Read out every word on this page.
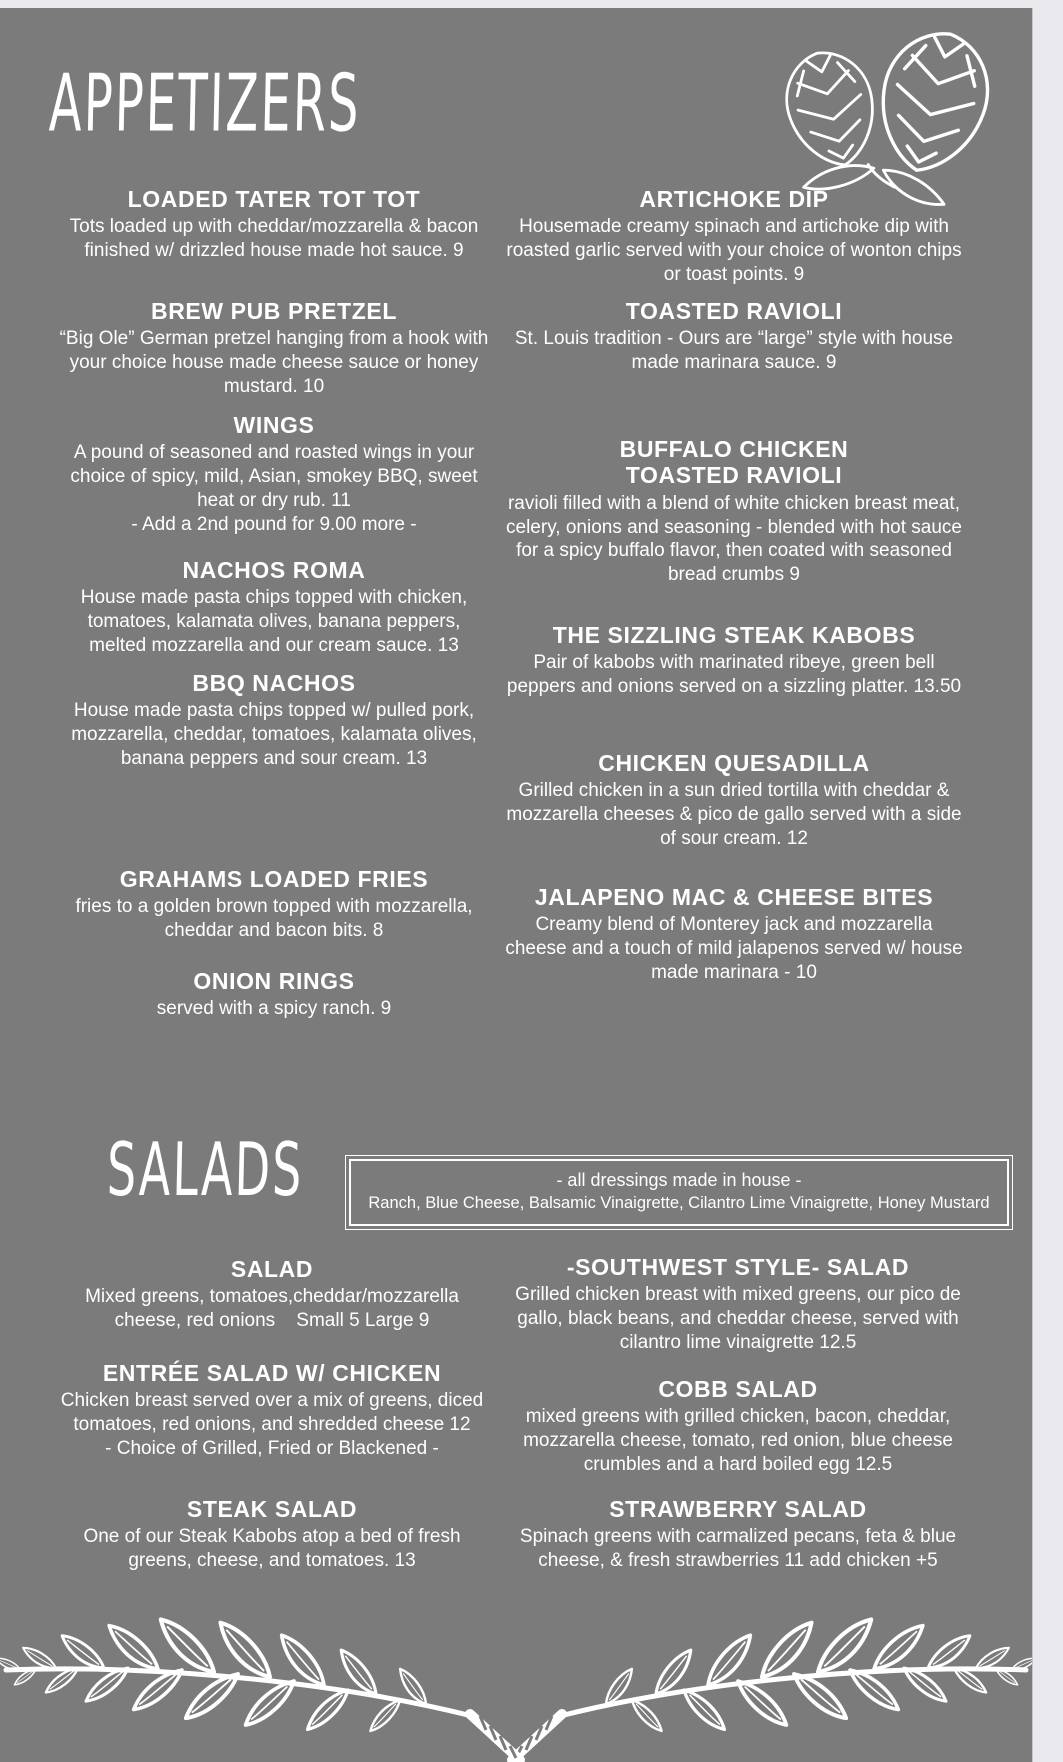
APPETIZERS
LOADED TATER TOT TOT
Tots loaded up with cheddar/mozzarella & bacon finished w/ drizzled house made hot sauce. 9
BREW PUB PRETZEL
“Big Ole” German pretzel hanging from a hook with your choice house made cheese sauce or honey mustard. 10
WINGS
A pound of seasoned and roasted wings in your choice of spicy, mild, Asian, smokey BBQ, sweet heat or dry rub. 11
- Add a 2nd pound for 9.00 more -
NACHOS ROMA
House made pasta chips topped with chicken, tomatoes, kalamata olives, banana peppers, melted mozzarella and our cream sauce. 13
BBQ NACHOS
House made pasta chips topped w/ pulled pork, mozzarella, cheddar, tomatoes, kalamata olives, banana peppers and sour cream. 13
GRAHAMS LOADED FRIES
fries to a golden brown topped with mozzarella, cheddar and bacon bits. 8
ONION RINGS
served with a spicy ranch. 9
ARTICHOKE DIP
Housemade creamy spinach and artichoke dip with roasted garlic served with your choice of wonton chips or toast points. 9
TOASTED RAVIOLI
St. Louis tradition - Ours are “large” style with house made marinara sauce. 9
BUFFALO CHICKEN TOASTED RAVIOLI
ravioli filled with a blend of white chicken breast meat, celery, onions and seasoning - blended with hot sauce for a spicy buffalo flavor, then coated with seasoned bread crumbs 9
THE SIZZLING STEAK KABOBS
Pair of kabobs with marinated ribeye, green bell peppers and onions served on a sizzling platter. 13.50
CHICKEN QUESADILLA
Grilled chicken in a sun dried tortilla with cheddar & mozzarella cheeses & pico de gallo served with a side of sour cream. 12
JALAPENO MAC & CHEESE BITES
Creamy blend of Monterey jack and mozzarella cheese and a touch of mild jalapenos served w/ house made marinara - 10
SALADS	- all dressings made in house -
Ranch, Blue Cheese, Balsamic Vinaigrette, Cilantro Lime Vinaigrette, Honey Mustard
SALAD
Mixed greens, tomatoes,cheddar/mozzarella cheese, red onions    Small 5 Large 9
ENTRÉE SALAD W/ CHICKEN
Chicken breast served over a mix of greens, diced tomatoes, red onions, and shredded cheese 12
- Choice of Grilled, Fried or Blackened -
STEAK SALAD
One of our Steak Kabobs atop a bed of fresh greens, cheese, and tomatoes. 13
-SOUTHWEST STYLE- SALAD
Grilled chicken breast with mixed greens, our pico de gallo, black beans, and cheddar cheese, served with cilantro lime vinaigrette 12.5
COBB SALAD
mixed greens with grilled chicken, bacon, cheddar, mozzarella cheese, tomato, red onion, blue cheese crumbles and a hard boiled egg 12.5
STRAWBERRY SALAD
Spinach greens with carmalized pecans, feta & blue cheese, & fresh strawberries 11 add chicken +5
